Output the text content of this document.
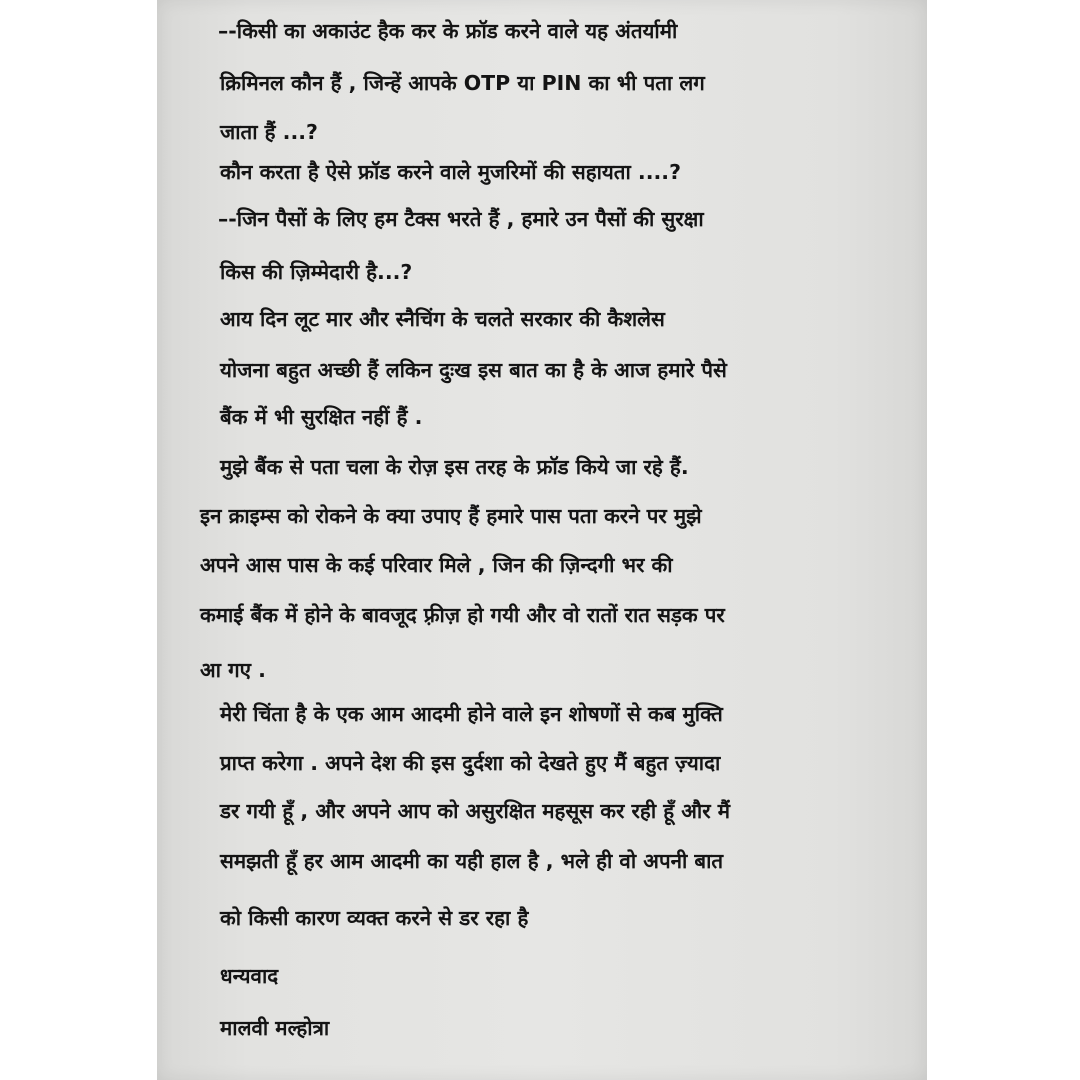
–-किसी का अकाउंट हैक कर के फ्रॉड करने वाले यह अंतर्यामी
क्रिमिनल कौन हैं , जिन्हें आपके OTP या PIN का भी पता लग
जाता हैं ...?
कौन करता है ऐसे फ्रॉड करने वाले मुजरिमों की सहायता ....?
–-जिन पैसों के लिए हम टैक्स भरते हैं , हमारे उन पैसों की सुरक्षा
किस की ज़िम्मेदारी है...?
आय दिन लूट मार और स्नैचिंग के चलते सरकार की कैशलेस
योजना बहुत अच्छी हैं लकिन दुःख इस बात का है के आज हमारे पैसे
बैंक में भी सुरक्षित नहीं हैं .
मुझे बैंक से पता चला के रोज़ इस तरह के फ्रॉड किये जा रहे हैं.
इन क्राइम्स को रोकने के क्या उपाए हैं हमारे पास पता करने पर मुझे
अपने आस पास के कई परिवार मिले , जिन की ज़िन्दगी भर की
कमाई बैंक में होने के बावजूद फ़्रीज़ हो गयी और वो रातों रात सड़क पर
आ गए .
मेरी चिंता है के एक आम आदमी होने वाले इन शोषणों से कब मुक्ति
प्राप्त करेगा . अपने देश की इस दुर्दशा को देखते हुए मैं बहुत ज़्यादा
डर गयी हूँ , और अपने आप को असुरक्षित महसूस कर रही हूँ और मैं
समझती हूँ हर आम आदमी का यही हाल है , भले ही वो अपनी बात
को किसी कारण व्यक्त करने से डर रहा है
धन्यवाद
मालवी मल्होत्रा
